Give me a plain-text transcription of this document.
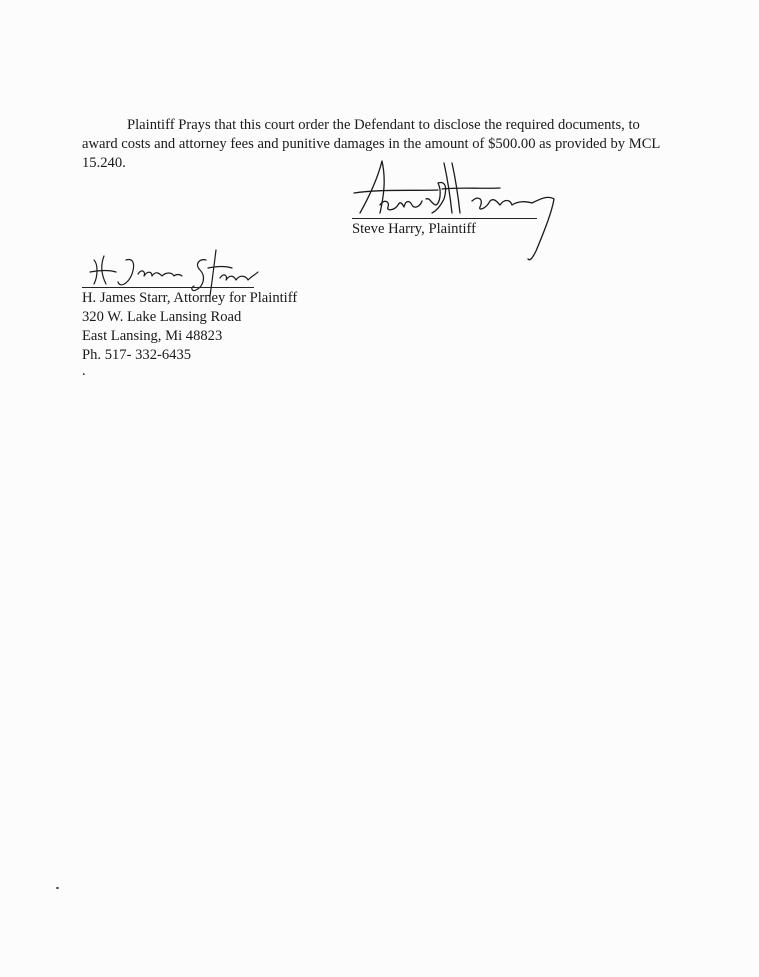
Plaintiff Prays that this court order the Defendant to disclose the required documents, to award costs and attorney fees and punitive damages in the amount of $500.00 as provided by MCL 15.240.

Steve Harry, Plaintiff
H. James Starr, Attorney for Plaintiff
320 W. Lake Lansing Road
East Lansing, Mi 48823
Ph. 517- 332-6435
.
